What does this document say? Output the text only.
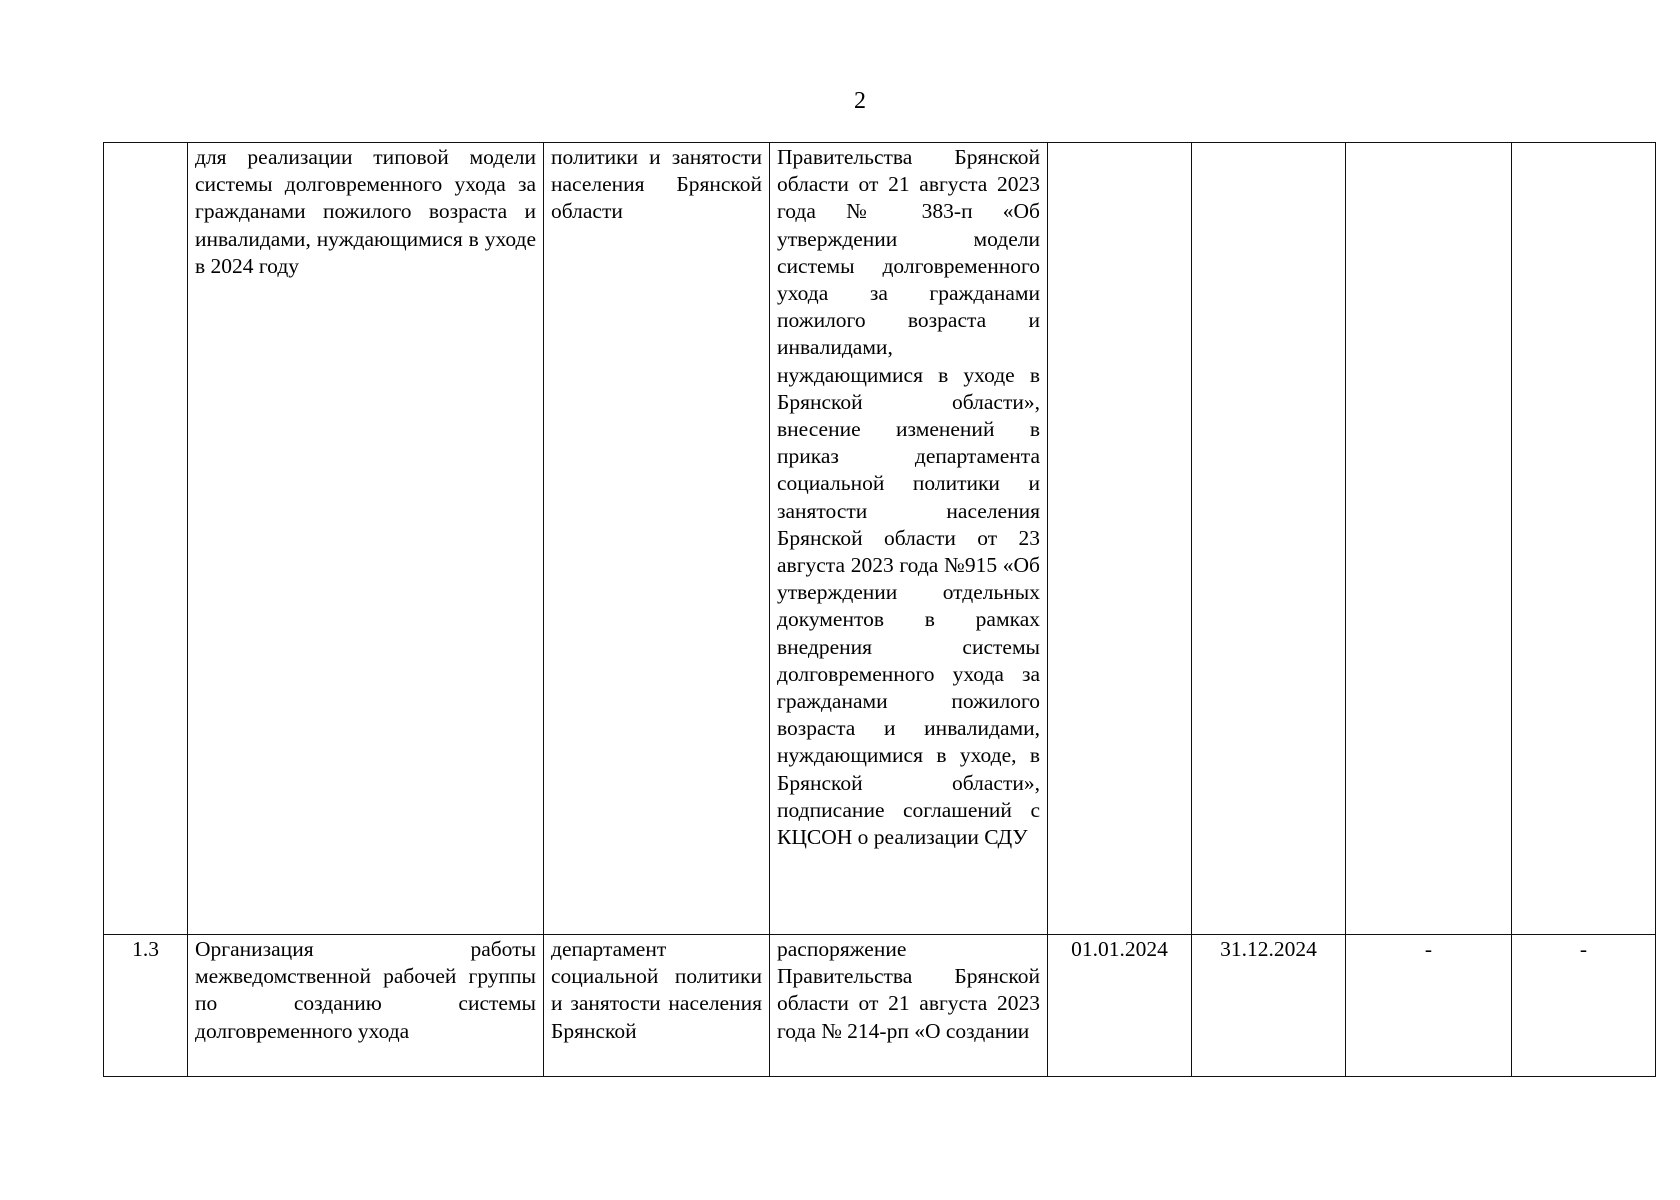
2
	для реализации типовой модели системы долговременного ухода за гражданами пожилого возраста и инвалидами, нуждающимися в уходе в 2024 году	политики и занятости населения Брянской области	Правительства Брянской области от 21 августа 2023 года № 383-п «Об утверждении модели системы долговременного ухода за гражданами пожилого возраста и инвалидами, нуждающимися в уходе в Брянской области», внесение изменений в приказ департамента социальной политики и занятости населения Брянской области от 23 августа 2023 года №915 «Об утверждении отдельных документов в рамках внедрения системы долговременного ухода за гражданами пожилого возраста и инвалидами, нуждающимися в уходе, в Брянской области», подписание соглашений с КЦСОН о реализации СДУ				
1.3	Организация работы межведомственной рабочей группы по созданию системы долговременного ухода	департамент социальной политики и занятости населения Брянской	распоряжение Правительства Брянской области от 21 августа 2023 года № 214-рп «О создании	01.01.2024	31.12.2024	-	-
